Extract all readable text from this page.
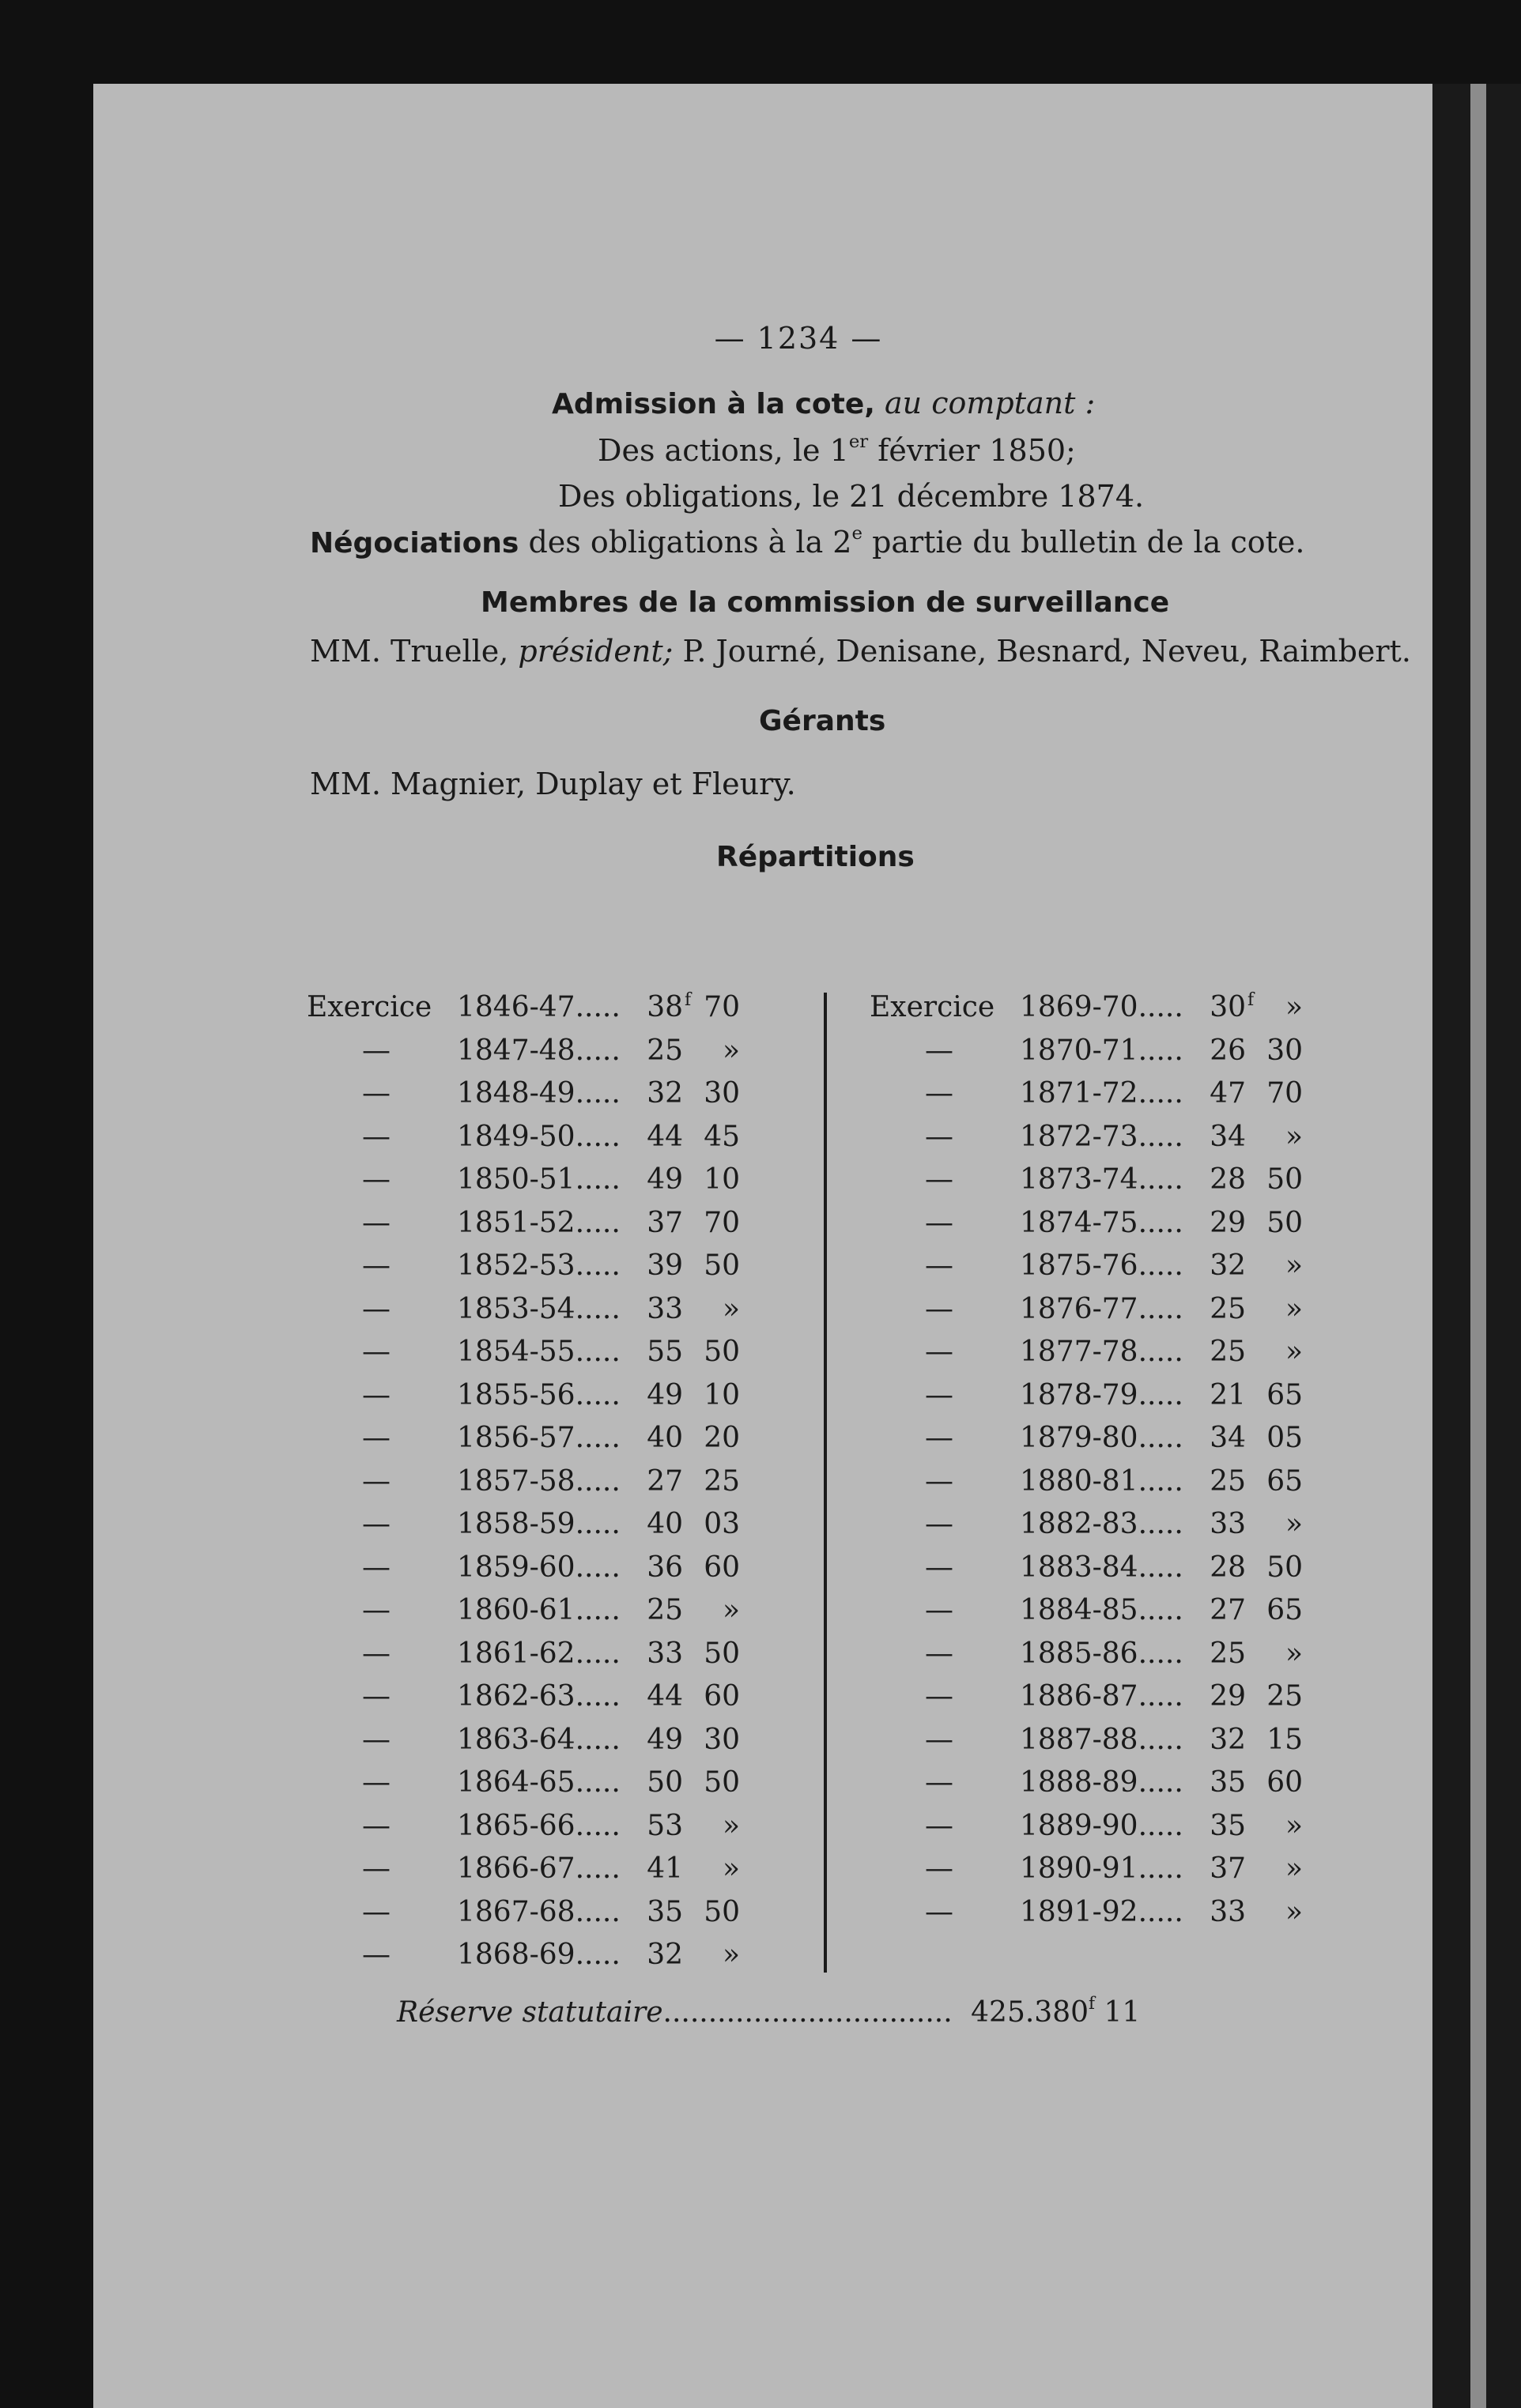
— 1234 —
Admission à la cote, au comptant :
Des actions, le 1er février 1850;
Des obligations, le 21 décembre 1874.
Négociations des obligations à la 2e partie du bulletin de la cote.
Membres de la commission de surveillance
MM. Truelle, président; P. Journé, Denisane, Besnard, Neveu, Raimbert.
Gérants
MM. Magnier, Duplay et Fleury.
Répartitions
Exercice 1846-47..... 38 f 70
— 1847-48..... 25	»
— 1848-49..... 32 30
— 1849-50..... 44 45
— 1850-51..... 49 10
— 1851-52..... 37 70
— 1852-53..... 39 50
— 1853-54..... 33	»
— 1854-55..... 55 50
— 1855-56..... 49 10
— 1856-57..... 40 20
— 1857-58..... 27 25
— 1858-59..... 40 03
— 1859-60..... 36 60
— 1860-61..... 25	»
— 1861-62..... 33 50
— 1862-63..... 44 60
— 1863-64..... 49 30
— 1864-65..... 50 50
— 1865-66..... 53	»
— 1866-67..... 41	»
— 1867-68..... 35 50
— 1868-69..... 32	»
Exercice 1869-70..... 30 f	»
— 1870-71..... 26 30
— 1871-72..... 47 70
— 1872-73..... 34	»
— 1873-74..... 28 50
— 1874-75..... 29 50
— 1875-76..... 32	»
— 1876-77..... 25	»
— 1877-78..... 25	»
— 1878-79..... 21 65
— 1879-80..... 34 05
— 1880-81..... 25 65
— 1882-83..... 33	»
— 1883-84..... 28 50
— 1884-85..... 27 65
— 1885-86..... 25	»
— 1886-87..... 29 25
— 1887-88..... 32 15
— 1888-89..... 35 60
— 1889-90..... 35	»
— 1890-91..... 37	»
— 1891-92..... 33	»
Réserve statutaire................................ 425.380$^f$ 11
